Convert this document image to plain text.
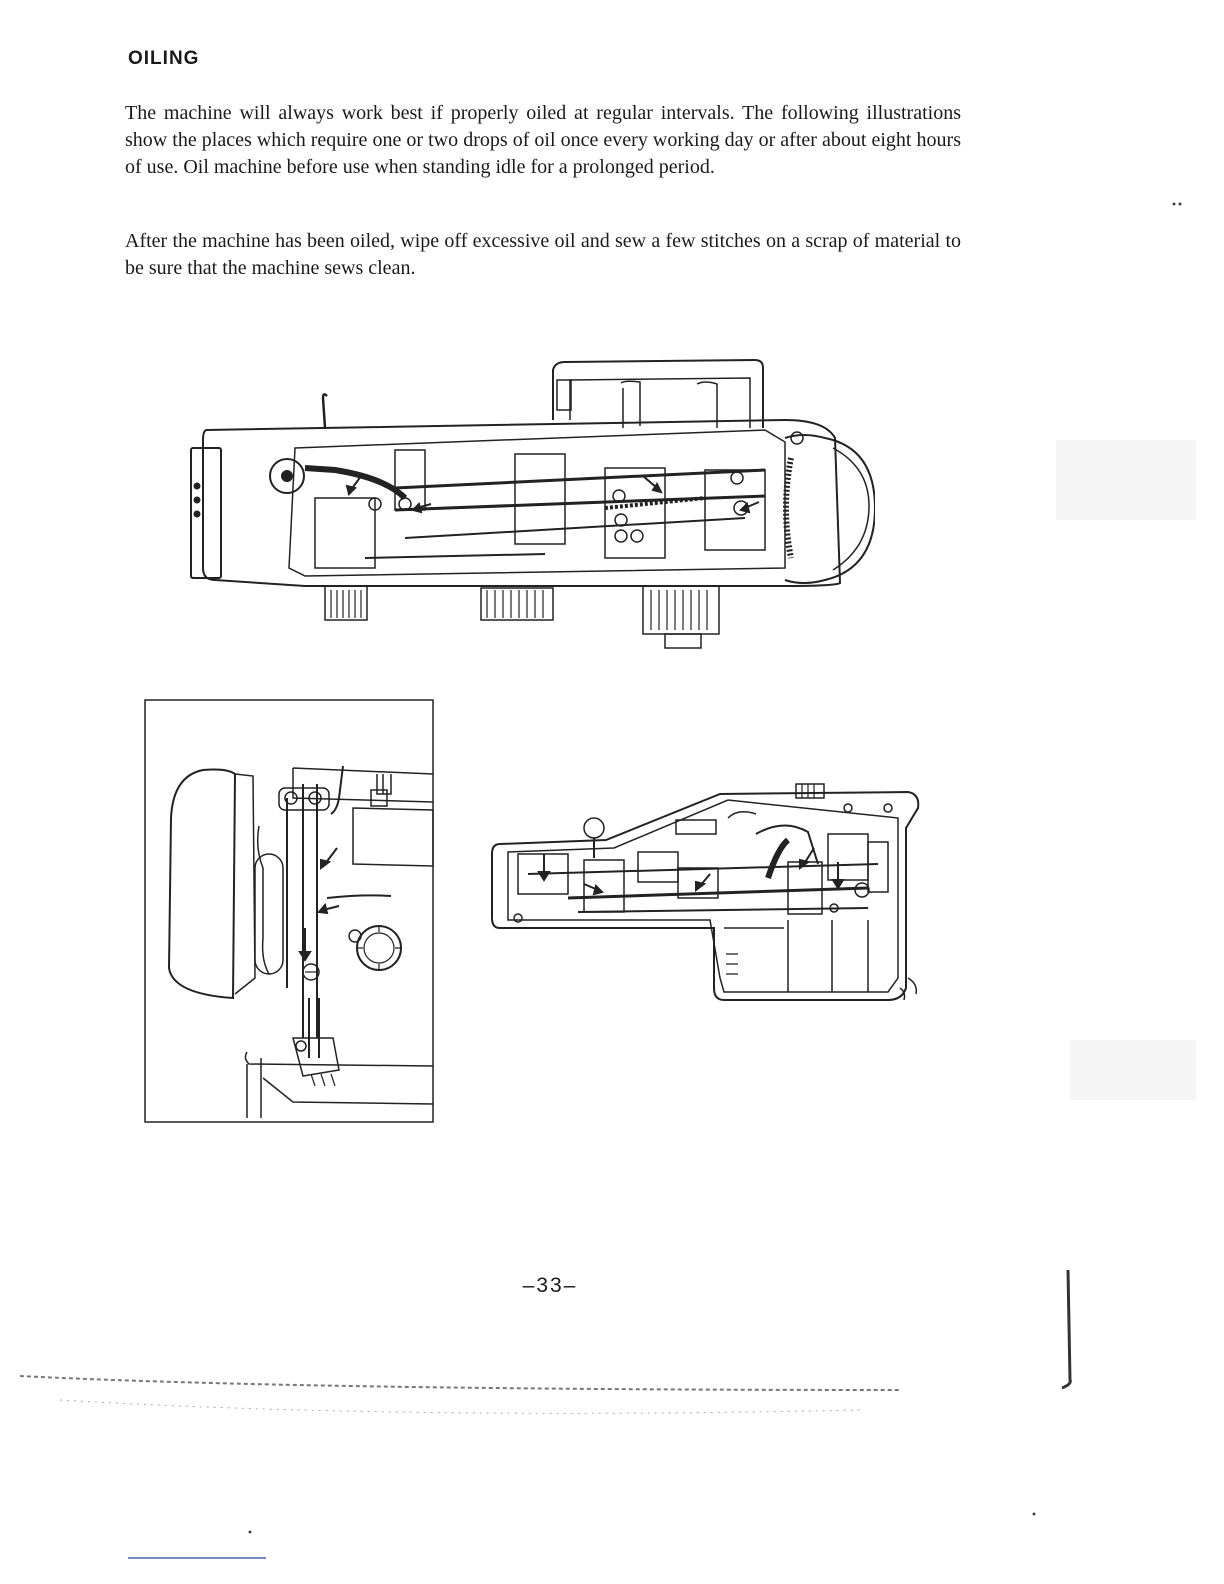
OILING

The machine will always work best if properly oiled at regular intervals. The following illustrations show the places which require one or two drops of oil once every working day or after about eight hours of use. Oil machine before use when standing idle for a prolonged period.

After the machine has been oiled, wipe off excessive oil and sew a few stitches on a scrap of material to be sure that the machine sews clean.

–33–
